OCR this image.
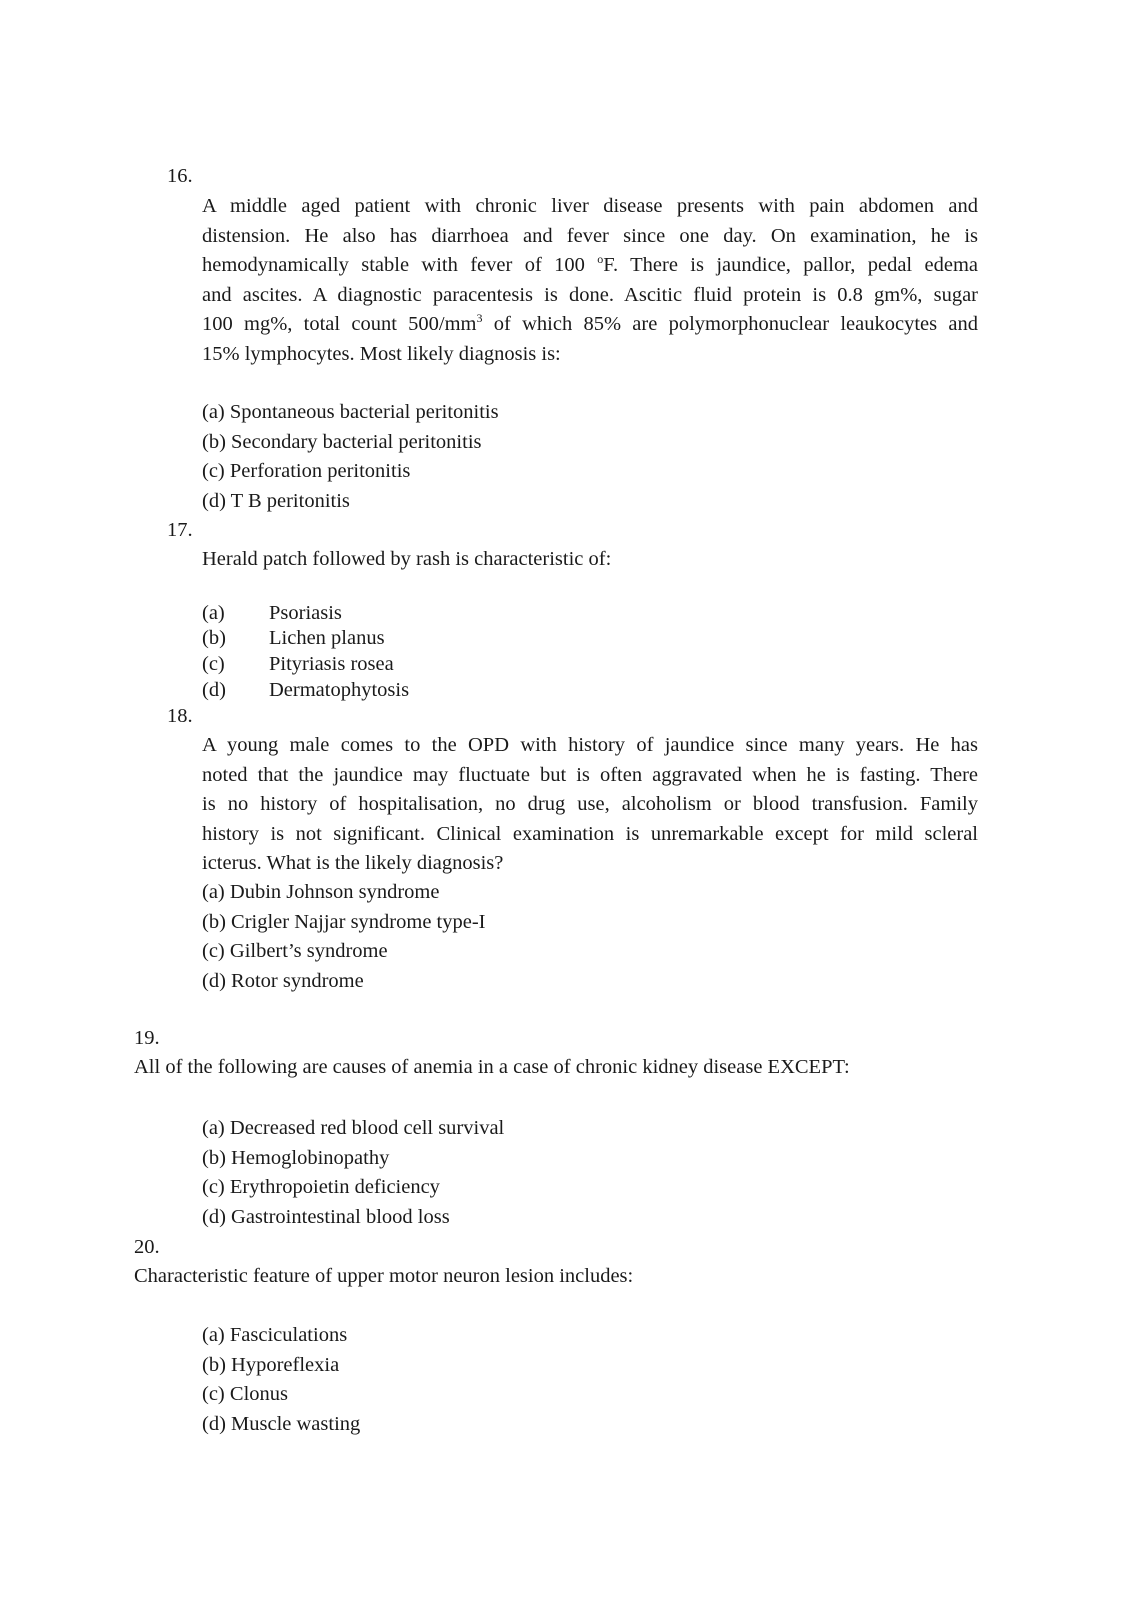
16.
A middle aged patient with chronic liver disease presents with pain abdomen and
distension. He also has diarrhoea and fever since one day. On examination, he is
hemodynamically stable with fever of 100 $^o$F. There is jaundice, pallor, pedal edema
and ascites. A diagnostic paracentesis is done. Ascitic fluid protein is 0.8 gm%, sugar
100 mg%, total count $500/mm^3$ of which 85% are polymorphonuclear leaukocytes and
15% lymphocytes. Most likely diagnosis is:
(a) Spontaneous bacterial peritonitis
(b) Secondary bacterial peritonitis
(c) Perforation peritonitis
(d) T B peritonitis
17.
Herald patch followed by rash is characteristic of:
(a) Psoriasis
(b) Lichen planus
(c) Pityriasis rosea
(d) Dermatophytosis
18.
A young male comes to the OPD with history of jaundice since many years. He has
noted that the jaundice may fluctuate but is often aggravated when he is fasting. There
is no history of hospitalisation, no drug use, alcoholism or blood transfusion. Family
history is not significant. Clinical examination is unremarkable except for mild scleral
icterus. What is the likely diagnosis?
(a) Dubin Johnson syndrome
(b) Crigler Najjar syndrome type-I
(c) Gilbert’s syndrome
(d) Rotor syndrome
19.
All of the following are causes of anemia in a case of chronic kidney disease EXCEPT:
(a) Decreased red blood cell survival
(b) Hemoglobinopathy
(c) Erythropoietin deficiency
(d) Gastrointestinal blood loss
20.
Characteristic feature of upper motor neuron lesion includes:
(a) Fasciculations
(b) Hyporeflexia
(c) Clonus
(d) Muscle wasting
